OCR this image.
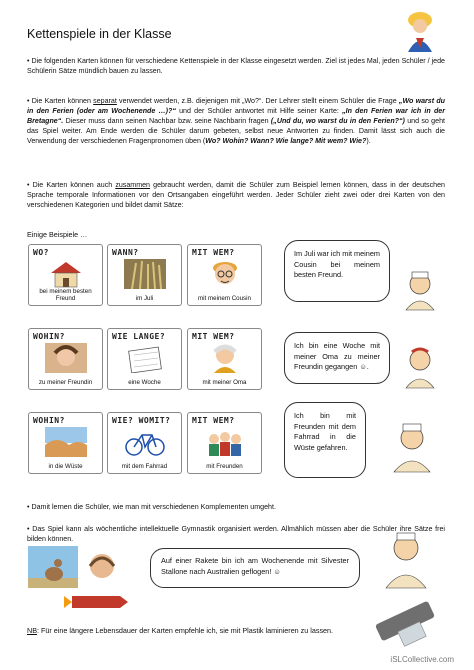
Kettenspiele in der Klasse
• Die folgenden Karten können für verschiedene Kettenspiele in der Klasse eingesetzt werden. Ziel ist jedes Mal, jeden Schüler / jede Schülerin Sätze mündlich bauen zu lassen.
• Die Karten können separat verwendet werden, z.B. diejenigen mit „Wo?“. Der Lehrer stellt einem Schüler die Frage „Wo warst du in den Ferien (oder am Wochenende …)?“ und der Schüler antwortet mit Hilfe seiner Karte: „In den Ferien war ich in der Bretagne“. Dieser muss dann seinen Nachbar bzw. seine Nachbarin fragen („Und du, wo warst du in den Ferien?“) und so geht das Spiel weiter. Am Ende werden die Schüler darum gebeten, selbst neue Antworten zu finden. Damit lässt sich auch die Verwendung der verschiedenen Fragenpronomen üben (Wo? Wohin? Wann? Wie lange? Mit wem? Wie?).
• Die Karten können auch zusammen gebraucht werden, damit die Schüler zum Beispiel lernen können, dass in der deutschen Sprache temporale Informationen vor den Ortsangaben eingeführt werden. Jeder Schüler zieht zwei oder drei Karten von den verschiedenen Kategorien und bildet damit Sätze:
Einige Beispiele …
WO?
bei meinem besten Freund
WANN?
im Juli
MIT WEM?
mit meinem Cousin
Im Juli war ich mit meinem Cousin bei meinem besten Freund.
WOHIN?
zu meiner Freundin
WIE LANGE?
eine Woche
MIT WEM?
mit meiner Oma
Ich bin eine Woche mit meiner Oma zu meiner Freundin gegangen ☺.
WOHIN?
in die Wüste
WIE? WOMIT?
mit dem Fahrrad
MIT WEM?
mit Freunden
Ich bin mit Freunden mit dem Fahrrad in die Wüste gefahren.
• Damit lernen die Schüler, wie man mit verschiedenen Komplementen umgeht.
• Das Spiel kann als wöchentliche intellektuelle Gymnastik organisiert werden. Allmählich müssen aber die Schüler ihre Sätze frei bilden können.
Auf einer Rakete bin ich am Wochenende mit Silvester Stallone nach Australien geflogen! ☺
NB: Für eine längere Lebensdauer der Karten empfehle ich, sie mit Plastik laminieren zu lassen.
iSLCollective.com
